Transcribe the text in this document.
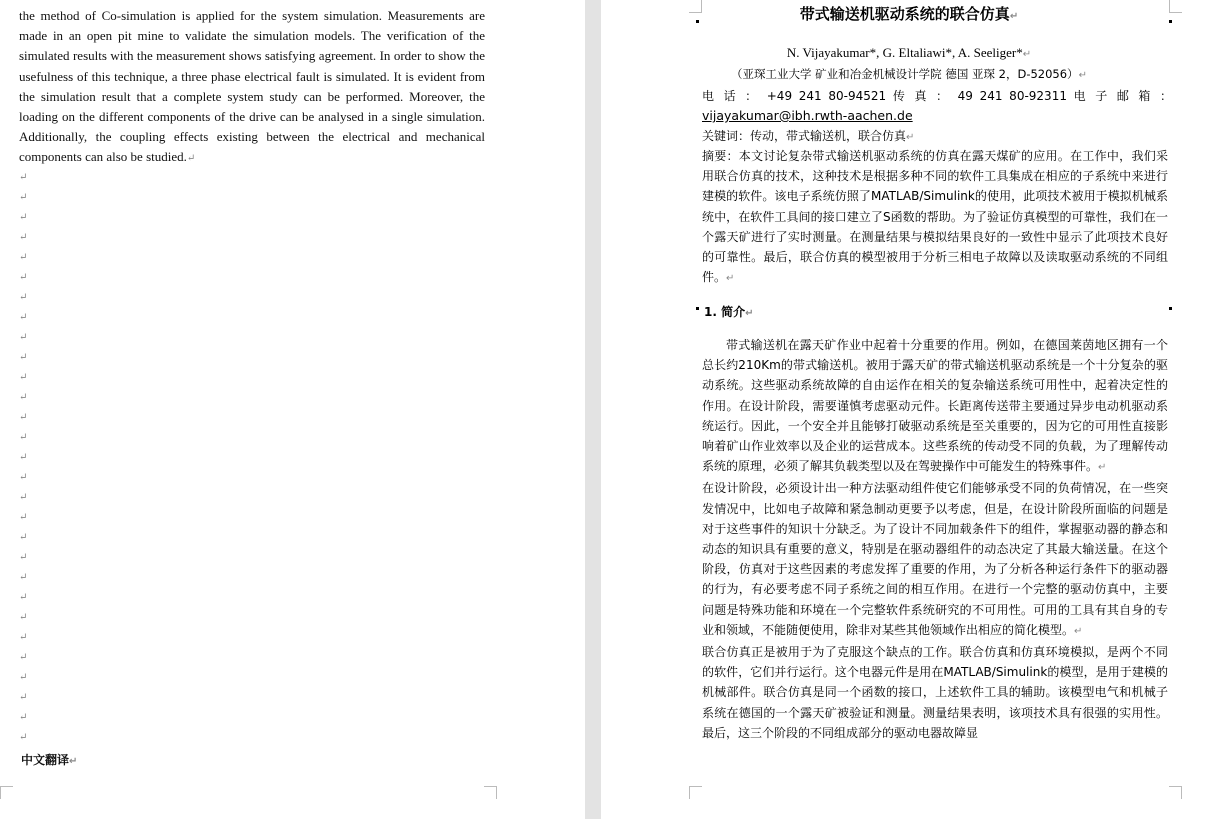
the method of Co-simulation is applied for the system simulation. Measurements are made in an open pit mine to validate the simulation models. The verification of the simulated results with the measurement shows satisfying agreement. In order to show the usefulness of this technique, a three phase electrical fault is simulated. It is evident from the simulation result that a complete system study can be performed. Moreover, the loading on the different components of the drive can be analysed in a single simulation. Additionally, the coupling effects existing between the electrical and mechanical components can also be studied.↵

↵
↵
↵
↵
↵
↵
↵
↵
↵
↵
↵
↵
↵
↵
↵
↵
↵
↵
↵
↵
↵
↵
↵
↵
↵
↵
↵
↵
↵
中文翻译↵
带式输送机驱动系统的联合仿真↵
N. Vijayakumar*, G. Eltaliawi*, A. Seeliger*↵
（亚琛工业大学 矿业和冶金机械设计学院 德国 亚琛 2，D-52056）↵
电 话 ： +49 241 80-94521 传 真 ： 49 241 80-92311 电 子 邮 箱 ：
vijayakumar@ibh.rwth-aachen.de
关键词：传动，带式输送机，联合仿真↵
摘要：本文讨论复杂带式输送机驱动系统的仿真在露天煤矿的应用。在工作中，我们采用联合仿真的技术，这种技术是根据多种不同的软件工具集成在相应的子系统中来进行建模的软件。该电子系统仿照了MATLAB/Simulink的使用，此项技术被用于模拟机械系统中，在软件工具间的接口建立了S函数的帮助。为了验证仿真模型的可靠性，我们在一个露天矿进行了实时测量。在测量结果与模拟结果良好的一致性中显示了此项技术良好的可靠性。最后，联合仿真的模型被用于分析三相电子故障以及读取驱动系统的不同组件。↵
1. 简介↵

带式输送机在露天矿作业中起着十分重要的作用。例如，在德国莱茵地区拥有一个总长约210Km的带式输送机。被用于露天矿的带式输送机驱动系统是一个十分复杂的驱动系统。这些驱动系统故障的自由运作在相关的复杂输送系统可用性中，起着决定性的作用。在设计阶段，需要谨慎考虑驱动元件。长距离传送带主要通过异步电动机驱动系统运行。因此，一个安全并且能够打破驱动系统是至关重要的，因为它的可用性直接影响着矿山作业效率以及企业的运营成本。这些系统的传动受不同的负载，为了理解传动系统的原理，必须了解其负载类型以及在驾驶操作中可能发生的特殊事件。↵

在设计阶段，必须设计出一种方法驱动组件使它们能够承受不同的负荷情况，在一些突发情况中，比如电子故障和紧急制动更要予以考虑，但是，在设计阶段所面临的问题是对于这些事件的知识十分缺乏。为了设计不同加载条件下的组件，掌握驱动器的静态和动态的知识具有重要的意义，特别是在驱动器组件的动态决定了其最大输送量。在这个阶段，仿真对于这些因素的考虑发挥了重要的作用，为了分析各种运行条件下的驱动器的行为，有必要考虑不同子系统之间的相互作用。在进行一个完整的驱动仿真中，主要问题是特殊功能和环境在一个完整软件系统研究的不可用性。可用的工具有其自身的专业和领域，不能随便使用，除非对某些其他领域作出相应的简化模型。↵

联合仿真正是被用于为了克服这个缺点的工作。联合仿真和仿真环境模拟，是两个不同的软件，它们并行运行。这个电器元件是用在MATLAB/Simulink的模型，是用于建模的机械部件。联合仿真是同一个函数的接口，上述软件工具的辅助。该模型电气和机械子系统在德国的一个露天矿被验证和测量。测量结果表明，该项技术具有很强的实用性。最后，这三个阶段的不同组成部分的驱动电器故障显
